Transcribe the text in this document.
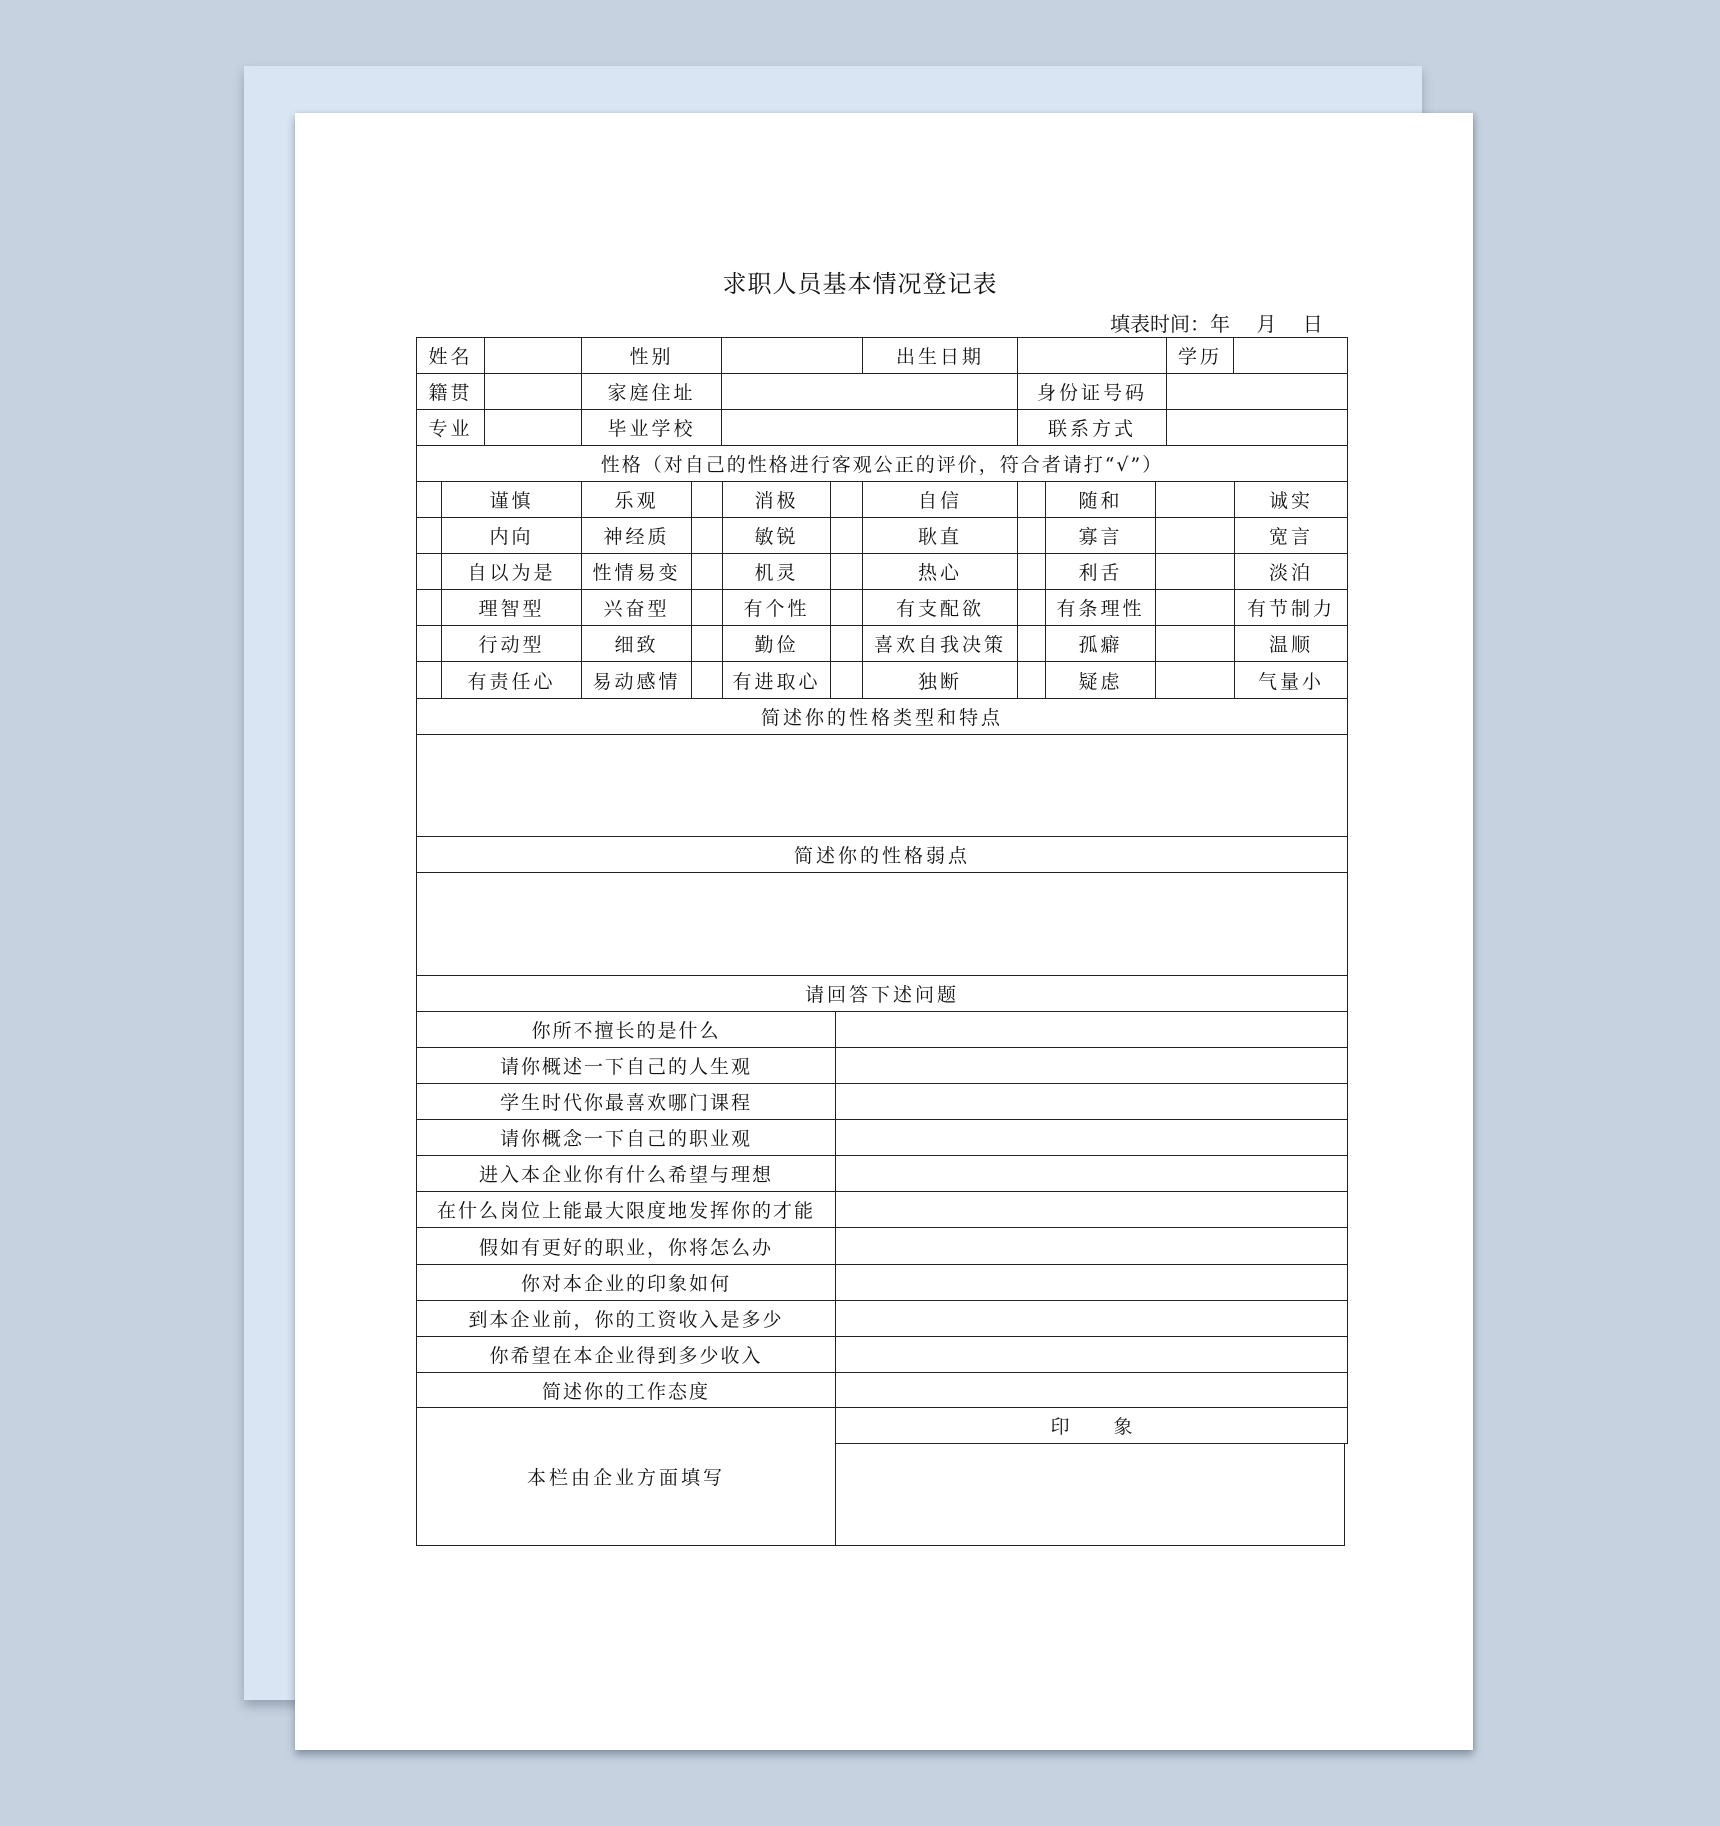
求职人员基本情况登记表
填表时间：年　 月　 日
姓名	性别	出生日期	学历
籍贯	家庭住址	身份证号码
专业	毕业学校	联系方式
性格（对自己的性格进行客观公正的评价，符合者请打“√”）
谨慎	乐观	消极	自信	随和	诚实
内向	神经质	敏锐	耿直	寡言	宽言
自以为是	性情易变	机灵	热心	利舌	淡泊
理智型	兴奋型	有个性	有支配欲	有条理性	有节制力
行动型	细致	勤俭	喜欢自我决策	孤癖	温顺
有责任心	易动感情	有进取心	独断	疑虑	气量小
简述你的性格类型和特点
简述你的性格弱点
请回答下述问题
你所不擅长的是什么
请你概述一下自己的人生观
学生时代你最喜欢哪门课程
请你概念一下自己的职业观
进入本企业你有什么希望与理想
在什么岗位上能最大限度地发挥你的才能
假如有更好的职业，你将怎么办
你对本企业的印象如何
到本企业前，你的工资收入是多少
你希望在本企业得到多少收入
简述你的工作态度
本栏由企业方面填写
印 象
